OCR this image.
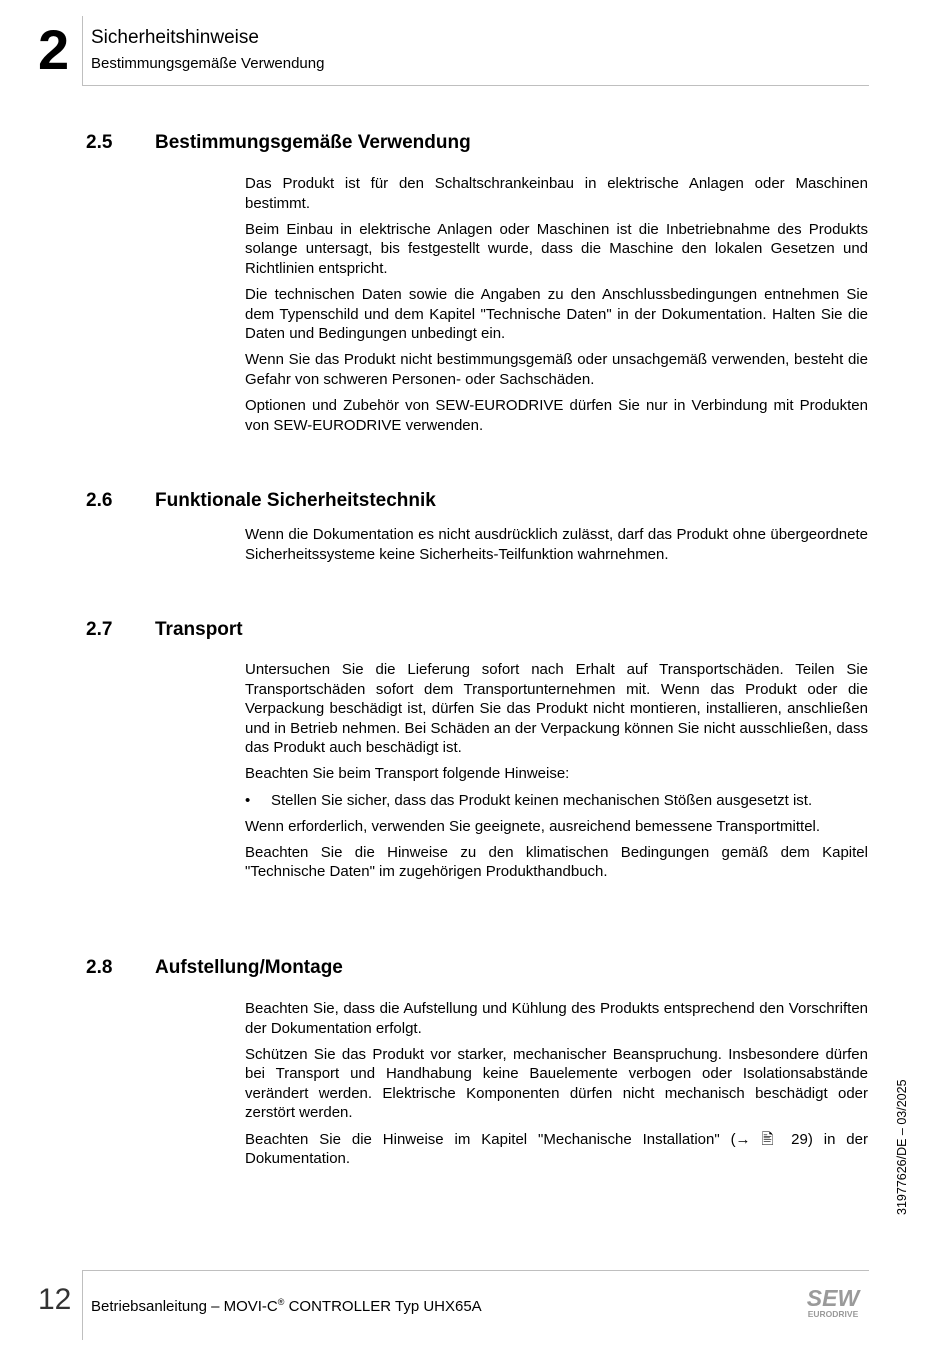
2 Sicherheitshinweise
Bestimmungsgemäße Verwendung
2.5 Bestimmungsgemäße Verwendung

Das Produkt ist für den Schaltschrankeinbau in elektrische Anlagen oder Maschinen bestimmt.

Beim Einbau in elektrische Anlagen oder Maschinen ist die Inbetriebnahme des Produkts solange untersagt, bis festgestellt wurde, dass die Maschine den lokalen Gesetzen und Richtlinien entspricht.

Die technischen Daten sowie die Angaben zu den Anschlussbedingungen entnehmen Sie dem Typenschild und dem Kapitel "Technische Daten" in der Dokumentation. Halten Sie die Daten und Bedingungen unbedingt ein.

Wenn Sie das Produkt nicht bestimmungsgemäß oder unsachgemäß verwenden, besteht die Gefahr von schweren Personen- oder Sachschäden.

Optionen und Zubehör von SEW-EURODRIVE dürfen Sie nur in Verbindung mit Produkten von SEW-EURODRIVE verwenden.

2.6 Funktionale Sicherheitstechnik

Wenn die Dokumentation es nicht ausdrücklich zulässt, darf das Produkt ohne übergeordnete Sicherheitssysteme keine Sicherheits-Teilfunktion wahrnehmen.

2.7 Transport

Untersuchen Sie die Lieferung sofort nach Erhalt auf Transportschäden. Teilen Sie Transportschäden sofort dem Transportunternehmen mit. Wenn das Produkt oder die Verpackung beschädigt ist, dürfen Sie das Produkt nicht montieren, installieren, anschließen und in Betrieb nehmen. Bei Schäden an der Verpackung können Sie nicht ausschließen, dass das Produkt auch beschädigt ist.

Beachten Sie beim Transport folgende Hinweise:

•	Stellen Sie sicher, dass das Produkt keinen mechanischen Stößen ausgesetzt ist.

Wenn erforderlich, verwenden Sie geeignete, ausreichend bemessene Transportmittel.

Beachten Sie die Hinweise zu den klimatischen Bedingungen gemäß dem Kapitel "Technische Daten" im zugehörigen Produkthandbuch.

2.8 Aufstellung/Montage

Beachten Sie, dass die Aufstellung und Kühlung des Produkts entsprechend den Vorschriften der Dokumentation erfolgt.

Schützen Sie das Produkt vor starker, mechanischer Beanspruchung. Insbesondere dürfen bei Transport und Handhabung keine Bauelemente verbogen oder Isolationsabstände verändert werden. Elektrische Komponenten dürfen nicht mechanisch beschädigt oder zerstört werden.

Beachten Sie die Hinweise im Kapitel "Mechanische Installation" (→ 🖹 29) in der Dokumentation.	31977626/DE – 03/2025
12 Betriebsanleitung – MOVI-C® CONTROLLER Typ UHX65A	SEW
EURODRIVE
